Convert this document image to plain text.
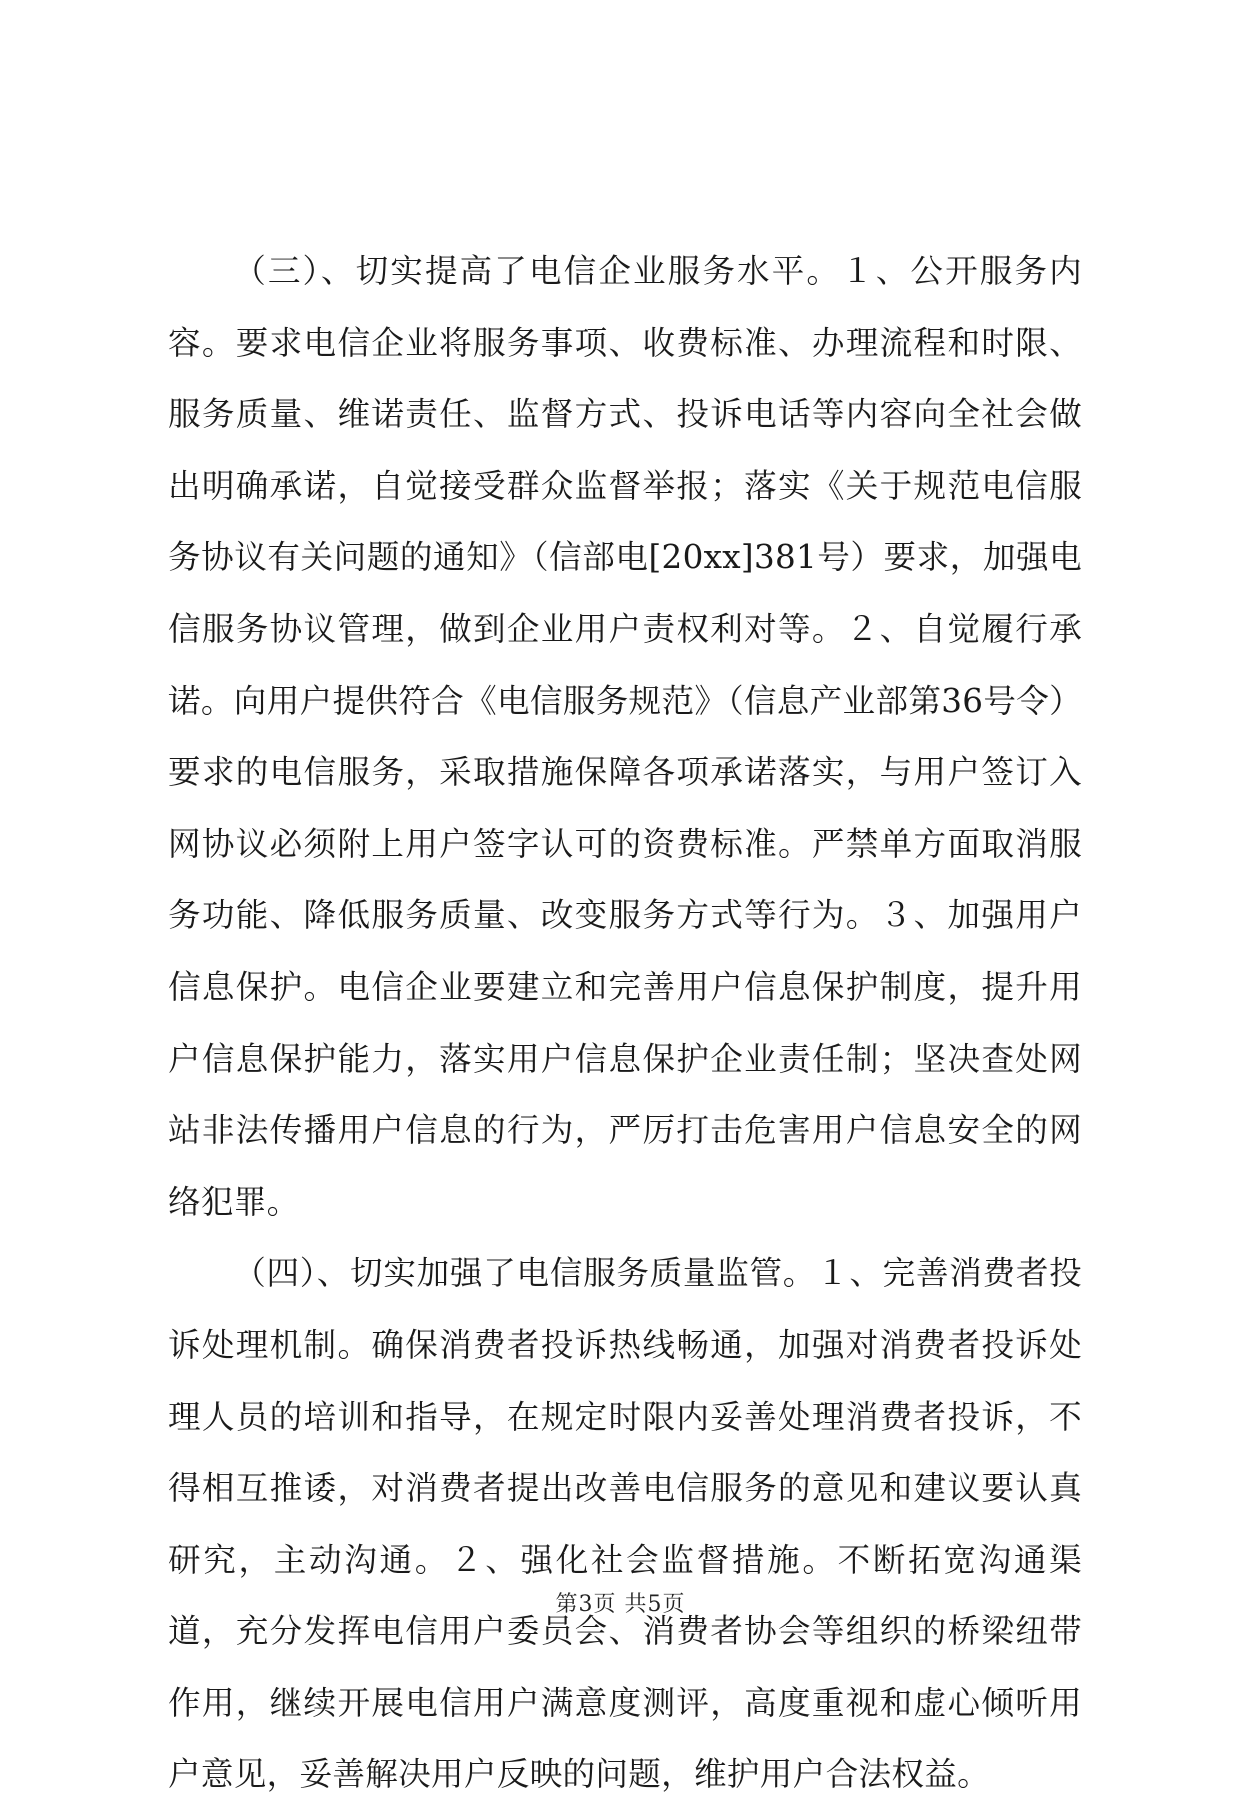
（三）、切实提高了电信企业服务水平。１、公开服务内容。要求电信企业将服务事项、收费标准、办理流程和时限、服务质量、维诺责任、监督方式、投诉电话等内容向全社会做出明确承诺，自觉接受群众监督举报；落实《关于规范电信服务协议有关问题的通知》（信部电[20xx]381号）要求，加强电信服务协议管理，做到企业用户责权利对等。２、自觉履行承诺。向用户提供符合《电信服务规范》（信息产业部第36号令）要求的电信服务，采取措施保障各项承诺落实，与用户签订入网协议必须附上用户签字认可的资费标准。严禁单方面取消服务功能、降低服务质量、改变服务方式等行为。３、加强用户信息保护。电信企业要建立和完善用户信息保护制度，提升用户信息保护能力，落实用户信息保护企业责任制；坚决查处网站非法传播用户信息的行为，严厉打击危害用户信息安全的网络犯罪。

（四）、切实加强了电信服务质量监管。１、完善消费者投诉处理机制。确保消费者投诉热线畅通，加强对消费者投诉处理人员的培训和指导，在规定时限内妥善处理消费者投诉，不得相互推诿，对消费者提出改善电信服务的意见和建议要认真研究，主动沟通。２、强化社会监督措施。不断拓宽沟通渠道，充分发挥电信用户委员会、消费者协会等组织的桥梁纽带作用，继续开展电信用户满意度测评，高度重视和虚心倾听用户意见，妥善解决用户反映的问题，维护用户合法权益。

第3页 共5页
